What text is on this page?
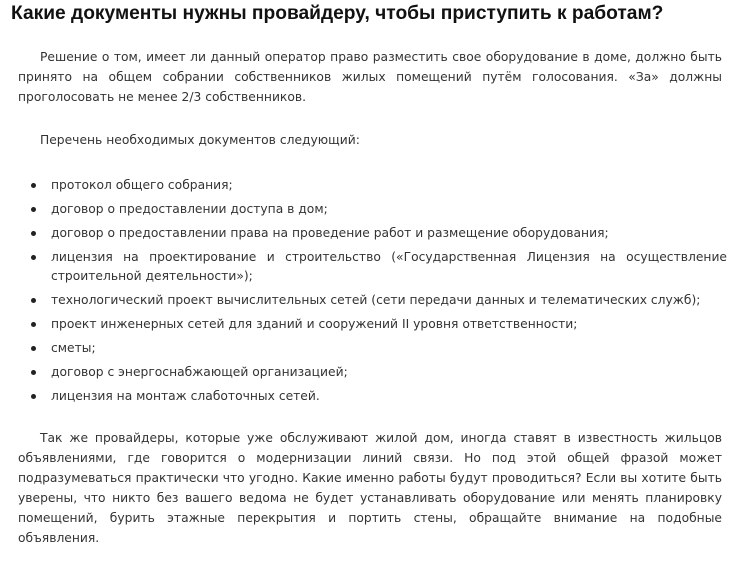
Какие документы нужны провайдеру, чтобы приступить к работам?

Решение о том, имеет ли данный оператор право разместить свое оборудование в доме, должно быть принято на общем собрании собственников жилых помещений путём голосования. «За» должны проголосовать не менее 2/3 собственников.

Перечень необходимых документов следующий:

протокол общего собрания;
договор о предоставлении доступа в дом;
договор о предоставлении права на проведение работ и размещение оборудования;
лицензия на проектирование и строительство («Государственная Лицензия на осуществление строительной деятельности»);
технологический проект вычислительных сетей (сети передачи данных и телематических служб);
проект инженерных сетей для зданий и сооружений II уровня ответственности;
сметы;
договор с энергоснабжающей организацией;
лицензия на монтаж слаботочных сетей.

Так же провайдеры, которые уже обслуживают жилой дом, иногда ставят в известность жильцов объявлениями, где говорится о модернизации линий связи. Но под этой общей фразой может подразумеваться практически что угодно. Какие именно работы будут проводиться? Если вы хотите быть уверены, что никто без вашего ведома не будет устанавливать оборудование или менять планировку помещений, бурить этажные перекрытия и портить стены, обращайте внимание на подобные объявления.
